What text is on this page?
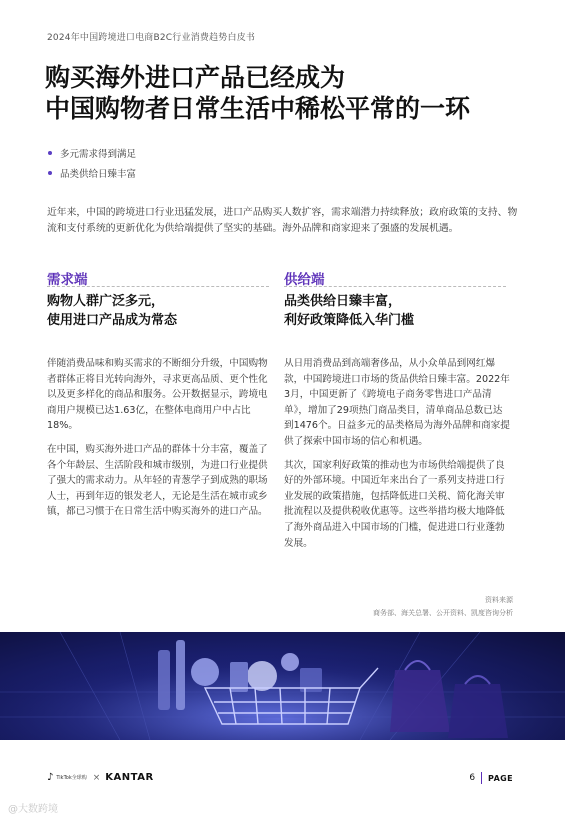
2024年中国跨境进口电商B2C行业消费趋势白皮书
购买海外进口产品已经成为
中国购物者日常生活中稀松平常的一环
多元需求得到满足
品类供给日臻丰富

近年来，中国的跨境进口行业迅猛发展，进口产品购买人数扩容，需求端潜力持续释放；政府政策的支持、物流和支付系统的更新优化为供给端提供了坚实的基础。海外品牌和商家迎来了强盛的发展机遇。

需求端
购物人群广泛多元，
使用进口产品成为常态

伴随消费品味和购买需求的不断细分升级，中国购物者群体正将目光转向海外，寻求更高品质、更个性化以及更多样化的商品和服务。公开数据显示，跨境电商用户规模已达1.63亿，在整体电商用户中占比18%。

在中国，购买海外进口产品的群体十分丰富，覆盖了各个年龄层、生活阶段和城市级别，为进口行业提供了强大的需求动力。从年轻的青葱学子到成熟的职场人士，再到年迈的银发老人，无论是生活在城市或乡镇，都已习惯于在日常生活中购买海外的进口产品。

供给端
品类供给日臻丰富，
利好政策降低入华门槛

从日用消费品到高端奢侈品，从小众单品到网红爆款，中国跨境进口市场的货品供给日臻丰富。2022年3月，中国更新了《跨境电子商务零售进口产品清单》，增加了29项热门商品类目，清单商品总数已达到1476个。日益多元的品类格局为海外品牌和商家提供了探索中国市场的信心和机遇。

其次，国家利好政策的推动也为市场供给端提供了良好的外部环境。中国近年来出台了一系列支持进口行业发展的政策措施，包括降低进口关税、简化海关审批流程以及提供税收优惠等。这些举措均极大地降低了海外商品进入中国市场的门槛，促进进口行业蓬勃发展。

资料来源
商务部、海关总署、公开资料、凯度咨询分析
♪ TikTok全球购 × KANTAR	6 PAGE
@大数跨境
